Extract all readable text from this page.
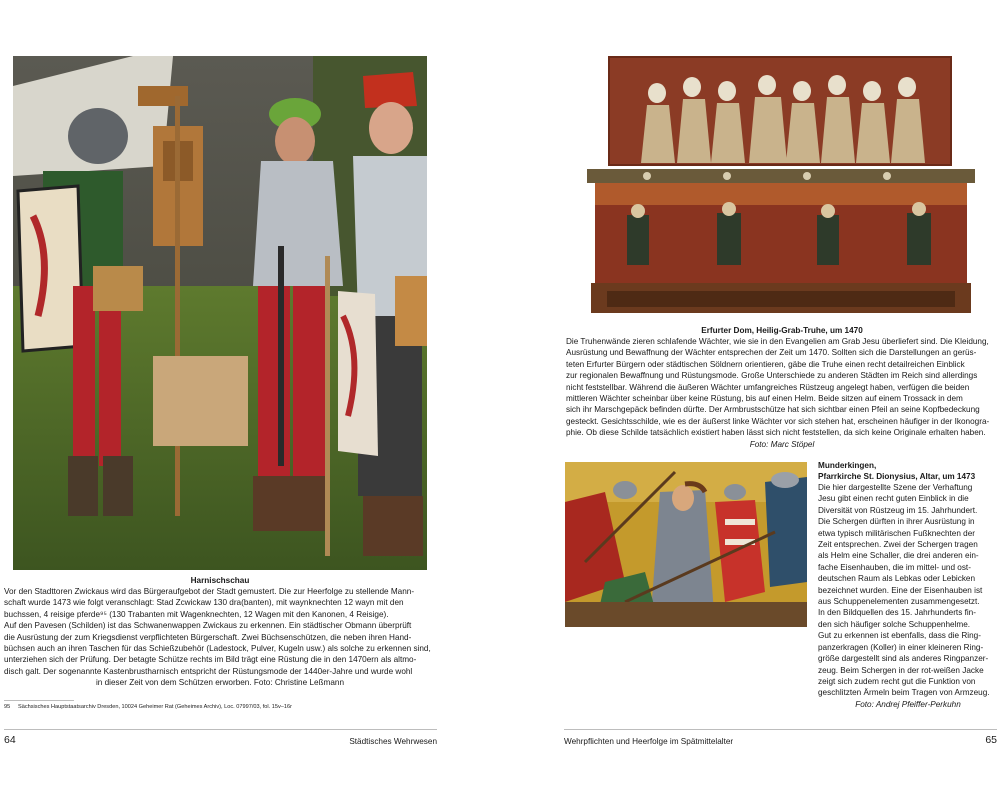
Harnischschau
Vor den Stadttoren Zwickaus wird das Bürgeraufgebot der Stadt gemustert. Die zur Heerfolge zu stellende Mann-
schaft wurde 1473 wie folgt veranschlagt: Stad Zcwickaw 130 dra(banten), mit waynknechten 12 wayn mit den
buchssen, 4 reisige pferde⁹⁵ (130 Trabanten mit Wagenknechten, 12 Wagen mit den Kanonen, 4 Reisige).
Auf den Pavesen (Schilden) ist das Schwanenwappen Zwickaus zu erkennen. Ein städtischer Obmann überprüft
die Ausrüstung der zum Kriegsdienst verpflichteten Bürgerschaft. Zwei Büchsenschützen, die neben ihren Hand-
büchsen auch an ihren Taschen für das Schießzubehör (Ladestock, Pulver, Kugeln usw.) als solche zu erkennen sind,
unterziehen sich der Prüfung. Der betagte Schütze rechts im Bild trägt eine Rüstung die in den 1470ern als altmo-
disch galt. Der sogenannte Kastenbrustharnisch entspricht der Rüstungsmode der 1440er-Jahre und wurde wohl
in dieser Zeit von dem Schützen erworben. Foto: Christine Leßmann
95 Sächsisches Hauptstaatsarchiv Dresden, 10024 Geheimer Rat (Geheimes Archiv), Loc. 07997/03, fol. 15v–16r
64	Städtisches Wehrwesen
Erfurter Dom, Heilig-Grab-Truhe, um 1470
Die Truhenwände zieren schlafende Wächter, wie sie in den Evangelien am Grab Jesu überliefert sind. Die Kleidung,
Ausrüstung und Bewaffnung der Wächter entsprechen der Zeit um 1470. Sollten sich die Darstellungen an gerüs-
teten Erfurter Bürgern oder städtischen Söldnern orientieren, gäbe die Truhe einen recht detailreichen Einblick
zur regionalen Bewaffnung und Rüstungsmode. Große Unterschiede zu anderen Städten im Reich sind allerdings
nicht feststellbar. Während die äußeren Wächter umfangreiches Rüstzeug angelegt haben, verfügen die beiden
mittleren Wächter scheinbar über keine Rüstung, bis auf einen Helm. Beide sitzen auf einem Trossack in dem
sich ihr Marschgepäck befinden dürfte. Der Armbrustschütze hat sich sichtbar einen Pfeil an seine Kopfbedeckung
gesteckt. Gesichtsschilde, wie es der äußerst linke Wächter vor sich stehen hat, erscheinen häufiger in der Ikonogra-
phie. Ob diese Schilde tatsächlich existiert haben lässt sich nicht feststellen, da sich keine Originale erhalten haben.
Foto: Marc Stöpel
Munderkingen,
Pfarrkirche St. Dionysius, Altar, um 1473
Die hier dargestellte Szene der Verhaftung
Jesu gibt einen recht guten Einblick in die
Diversität von Rüstzeug im 15. Jahrhundert.
Die Schergen dürften in ihrer Ausrüstung in
etwa typisch militärischen Fußknechten der
Zeit entsprechen. Zwei der Schergen tragen
als Helm eine Schaller, die drei anderen ein-
fache Eisenhauben, die im mittel- und ost-
deutschen Raum als Lebkas oder Lebicken
bezeichnet wurden. Eine der Eisenhauben ist
aus Schuppenelementen zusammengesetzt.
In den Bildquellen des 15. Jahrhunderts fin-
den sich häufiger solche Schuppenhelme.
Gut zu erkennen ist ebenfalls, dass die Ring-
panzerkragen (Koller) in einer kleineren Ring-
größe dargestellt sind als anderes Ringpanzer-
zeug. Beim Schergen in der rot-weißen Jacke
zeigt sich zudem recht gut die Funktion von
geschlitzten Ärmeln beim Tragen von Armzeug.
Foto: Andrej Pfeiffer-Perkuhn
Wehrpflichten und Heerfolge im Spätmittelalter	65
